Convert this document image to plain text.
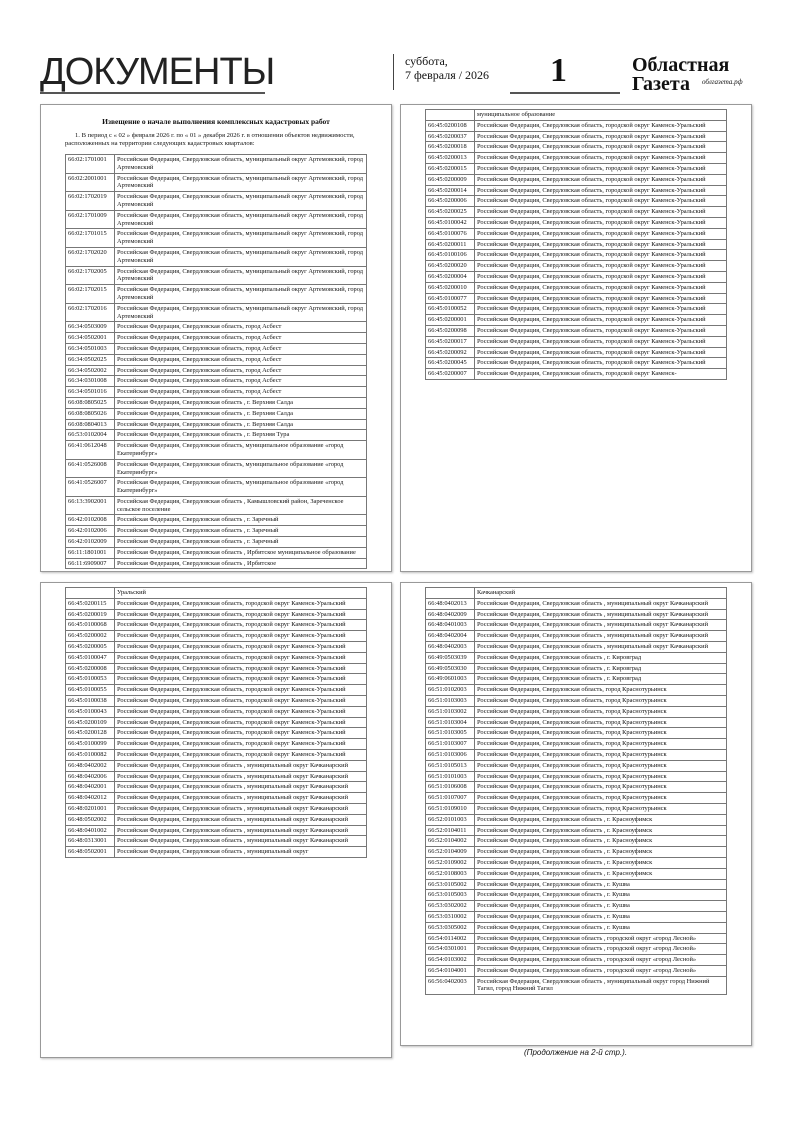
ДОКУМЕНТЫ	суббота,
7 февраля / 2026 1	Областная
Газета	облгазета.рф
Извещение о начале выполнения комплексных кадастровых работ
1. В период с « 02 » февраля 2026 г. по « 01 » декабря 2026 г. в отношении объектов недвижимости, расположенных на территории следующих кадастровых кварталов:
66:02:1701001	Российская Федерация, Свердловская область, муниципальный округ Артемовский, город Артемовский
66:02:2001001	Российская Федерация, Свердловская область, муниципальный округ Артемовский, город Артемовский
66:02:1702019	Российская Федерация, Свердловская область, муниципальный округ Артемовский, город Артемовский
66:02:1701009	Российская Федерация, Свердловская область, муниципальный округ Артемовский, город Артемовский
66:02:1701015	Российская Федерация, Свердловская область, муниципальный округ Артемовский, город Артемовский
66:02:1702020	Российская Федерация, Свердловская область, муниципальный округ Артемовский, город Артемовский
66:02:1702005	Российская Федерация, Свердловская область, муниципальный округ Артемовский, город Артемовский
66:02:1702015	Российская Федерация, Свердловская область, муниципальный округ Артемовский, город Артемовский
66:02:1702016	Российская Федерация, Свердловская область, муниципальный округ Артемовский, город Артемовский
66:34:0503009	Российская Федерация, Свердловская область, город Асбест
66:34:0502001	Российская Федерация, Свердловская область, город Асбест
66:34:0501003	Российская Федерация, Свердловская область, город Асбест
66:34:0502025	Российская Федерация, Свердловская область, город Асбест
66:34:0502002	Российская Федерация, Свердловская область, город Асбест
66:34:0301008	Российская Федерация, Свердловская область, город Асбест
66:34:0501016	Российская Федерация, Свердловская область, город Асбест
66:08:0805025	Российская Федерация, Свердловская область , г. Верхняя Салда
66:08:0805026	Российская Федерация, Свердловская область , г. Верхняя Салда
66:08:0804013	Российская Федерация, Свердловская область , г. Верхняя Салда
66:53:0102004	Российская Федерация, Свердловская область , г. Верхняя Тура
66:41:0612048	Российская Федерация, Свердловская область, муниципальное образование «город Екатеринбург»
66:41:0526008	Российская Федерация, Свердловская область, муниципальное образование «город Екатеринбург»
66:41:0526007	Российская Федерация, Свердловская область, муниципальное образование «город Екатеринбург»
66:13:3902001	Российская Федерация, Свердловская область , Камышловский район, Зареченское сельское поселение
66:42:0102008	Российская Федерация, Свердловская область , г. Заречный
66:42:0102006	Российская Федерация, Свердловская область , г. Заречный
66:42:0102009	Российская Федерация, Свердловская область , г. Заречный
66:11:1801001	Российская Федерация, Свердловская область , Ирбитское муниципальное образование
66:11:6909007	Российская Федерация, Свердловская область , Ирбитское
	муниципальное образование
66:45:0200108	Российская Федерация, Свердловская область, городской округ Каменск-Уральский
66:45:0200037	Российская Федерация, Свердловская область, городской округ Каменск-Уральский
66:45:0200018	Российская Федерация, Свердловская область, городской округ Каменск-Уральский
66:45:0200013	Российская Федерация, Свердловская область, городской округ Каменск-Уральский
66:45:0200015	Российская Федерация, Свердловская область, городской округ Каменск-Уральский
66:45:0200009	Российская Федерация, Свердловская область, городской округ Каменск-Уральский
66:45:0200014	Российская Федерация, Свердловская область, городской округ Каменск-Уральский
66:45:0200006	Российская Федерация, Свердловская область, городской округ Каменск-Уральский
66:45:0200025	Российская Федерация, Свердловская область, городской округ Каменск-Уральский
66:45:0100042	Российская Федерация, Свердловская область, городской округ Каменск-Уральский
66:45:0100076	Российская Федерация, Свердловская область, городской округ Каменск-Уральский
66:45:0200011	Российская Федерация, Свердловская область, городской округ Каменск-Уральский
66:45:0100106	Российская Федерация, Свердловская область, городской округ Каменск-Уральский
66:45:0200020	Российская Федерация, Свердловская область, городской округ Каменск-Уральский
66:45:0200004	Российская Федерация, Свердловская область, городской округ Каменск-Уральский
66:45:0200010	Российская Федерация, Свердловская область, городской округ Каменск-Уральский
66:45:0100077	Российская Федерация, Свердловская область, городской округ Каменск-Уральский
66:45:0100052	Российская Федерация, Свердловская область, городской округ Каменск-Уральский
66:45:0200001	Российская Федерация, Свердловская область, городской округ Каменск-Уральский
66:45:0200098	Российская Федерация, Свердловская область, городской округ Каменск-Уральский
66:45:0200017	Российская Федерация, Свердловская область, городской округ Каменск-Уральский
66:45:0200092	Российская Федерация, Свердловская область, городской округ Каменск-Уральский
66:45:0200045	Российская Федерация, Свердловская область, городской округ Каменск-Уральский
66:45:0200007	Российская Федерация, Свердловская область, городской округ Каменск-
	Уральский
66:45:0200115	Российская Федерация, Свердловская область, городской округ Каменск-Уральский
66:45:0200019	Российская Федерация, Свердловская область, городской округ Каменск-Уральский
66:45:0100068	Российская Федерация, Свердловская область, городской округ Каменск-Уральский
66:45:0200002	Российская Федерация, Свердловская область, городской округ Каменск-Уральский
66:45:0200005	Российская Федерация, Свердловская область, городской округ Каменск-Уральский
66:45:0100047	Российская Федерация, Свердловская область, городской округ Каменск-Уральский
66:45:0200008	Российская Федерация, Свердловская область, городской округ Каменск-Уральский
66:45:0100053	Российская Федерация, Свердловская область, городской округ Каменск-Уральский
66:45:0100055	Российская Федерация, Свердловская область, городской округ Каменск-Уральский
66:45:0100038	Российская Федерация, Свердловская область, городской округ Каменск-Уральский
66:45:0100043	Российская Федерация, Свердловская область, городской округ Каменск-Уральский
66:45:0200109	Российская Федерация, Свердловская область, городской округ Каменск-Уральский
66:45:0200128	Российская Федерация, Свердловская область, городской округ Каменск-Уральский
66:45:0100099	Российская Федерация, Свердловская область, городской округ Каменск-Уральский
66:45:0100082	Российская Федерация, Свердловская область, городской округ Каменск-Уральский
66:48:0402002	Российская Федерация, Свердловская область , муниципальный округ Качканарский
66:48:0402006	Российская Федерация, Свердловская область , муниципальный округ Качканарский
66:48:0402001	Российская Федерация, Свердловская область , муниципальный округ Качканарский
66:48:0402012	Российская Федерация, Свердловская область , муниципальный округ Качканарский
66:48:0201001	Российская Федерация, Свердловская область , муниципальный округ Качканарский
66:48:0502002	Российская Федерация, Свердловская область , муниципальный округ Качканарский
66:48:0401002	Российская Федерация, Свердловская область , муниципальный округ Качканарский
66:48:0313001	Российская Федерация, Свердловская область , муниципальный округ Качканарский
66:48:0502001	Российская Федерация, Свердловская область , муниципальный округ
	Качканарский
66:48:0402013	Российская Федерация, Свердловская область , муниципальный округ Качканарский
66:48:0402009	Российская Федерация, Свердловская область , муниципальный округ Качканарский
66:48:0401003	Российская Федерация, Свердловская область , муниципальный округ Качканарский
66:48:0402004	Российская Федерация, Свердловская область , муниципальный округ Качканарский
66:48:0402003	Российская Федерация, Свердловская область , муниципальный округ Качканарский
66:49:0503039	Российская Федерация, Свердловская область , г. Кировград
66:49:0503030	Российская Федерация, Свердловская область , г. Кировград
66:49:0601003	Российская Федерация, Свердловская область , г. Кировград
66:51:0102003	Российская Федерация, Свердловская область, город Краснотурьинск
66:51:0103003	Российская Федерация, Свердловская область, город Краснотурьинск
66:51:0103002	Российская Федерация, Свердловская область, город Краснотурьинск
66:51:0103004	Российская Федерация, Свердловская область, город Краснотурьинск
66:51:0103005	Российская Федерация, Свердловская область, город Краснотурьинск
66:51:0103007	Российская Федерация, Свердловская область, город Краснотурьинск
66:51:0103006	Российская Федерация, Свердловская область, город Краснотурьинск
66:51:0105013	Российская Федерация, Свердловская область, город Краснотурьинск
66:51:0101003	Российская Федерация, Свердловская область, город Краснотурьинск
66:51:0106008	Российская Федерация, Свердловская область, город Краснотурьинск
66:51:0107007	Российская Федерация, Свердловская область, город Краснотурьинск
66:51:0109010	Российская Федерация, Свердловская область, город Краснотурьинск
66:52:0101003	Российская Федерация, Свердловская область , г. Красноуфимск
66:52:0104011	Российская Федерация, Свердловская область , г. Красноуфимск
66:52:0104002	Российская Федерация, Свердловская область , г. Красноуфимск
66:52:0104009	Российская Федерация, Свердловская область , г. Красноуфимск
66:52:0109002	Российская Федерация, Свердловская область , г. Красноуфимск
66:52:0108003	Российская Федерация, Свердловская область , г. Красноуфимск
66:53:0105002	Российская Федерация, Свердловская область , г. Кушва
66:53:0105003	Российская Федерация, Свердловская область , г. Кушва
66:53:0302002	Российская Федерация, Свердловская область , г. Кушва
66:53:0310002	Российская Федерация, Свердловская область , г. Кушва
66:53:0305002	Российская Федерация, Свердловская область , г. Кушва
66:54:0114002	Российская Федерация, Свердловская область , городской округ «город Лесной»
66:54:0301001	Российская Федерация, Свердловская область , городской округ «город Лесной»
66:54:0103002	Российская Федерация, Свердловская область , городской округ «город Лесной»
66:54:0104001	Российская Федерация, Свердловская область , городской округ «город Лесной»
66:56:0402003	Российская Федерация, Свердловская область , муниципальный округ город Нижний Тагил, город Нижний Тагил
(Продолжение на 2-й стр.).
